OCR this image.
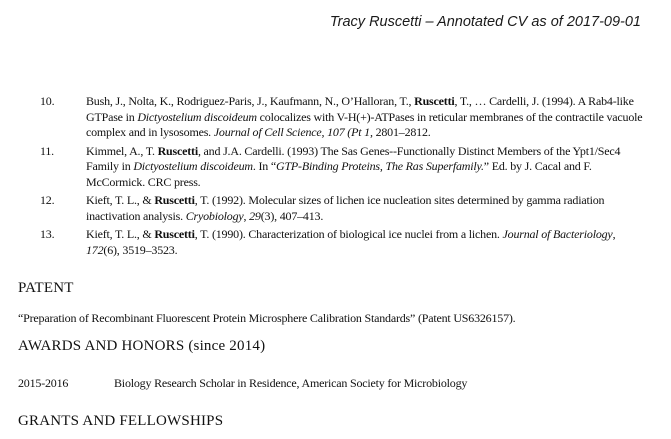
Tracy Ruscetti – Annotated CV as of 2017-09-01
10.	Bush, J., Nolta, K., Rodriguez-Paris, J., Kaufmann, N., O’Halloran, T., Ruscetti, T., … Cardelli, J. (1994). A Rab4-like GTPase in Dictyostelium discoideum colocalizes with V-H(+)-ATPases in reticular membranes of the contractile vacuole complex and in lysosomes. Journal of Cell Science, 107 (Pt 1, 2801–2812.
11.	Kimmel, A., T. Ruscetti, and J.A. Cardelli. (1993) The Sas Genes--Functionally Distinct Members of the Ypt1/Sec4 Family in Dictyostelium discoideum. In “GTP-Binding Proteins, The Ras Superfamily.” Ed. by J. Cacal and F. McCormick. CRC press.
12.	Kieft, T. L., & Ruscetti, T. (1992). Molecular sizes of lichen ice nucleation sites determined by gamma radiation inactivation analysis. Cryobiology, 29(3), 407–413.
13.	Kieft, T. L., & Ruscetti, T. (1990). Characterization of biological ice nuclei from a lichen. Journal of Bacteriology, 172(6), 3519–3523.
PATENT
“Preparation of Recombinant Fluorescent Protein Microsphere Calibration Standards” (Patent US6326157).
AWARDS AND HONORS (since 2014)
2015-2016	Biology Research Scholar in Residence, American Society for Microbiology
GRANTS AND FELLOWSHIPS
